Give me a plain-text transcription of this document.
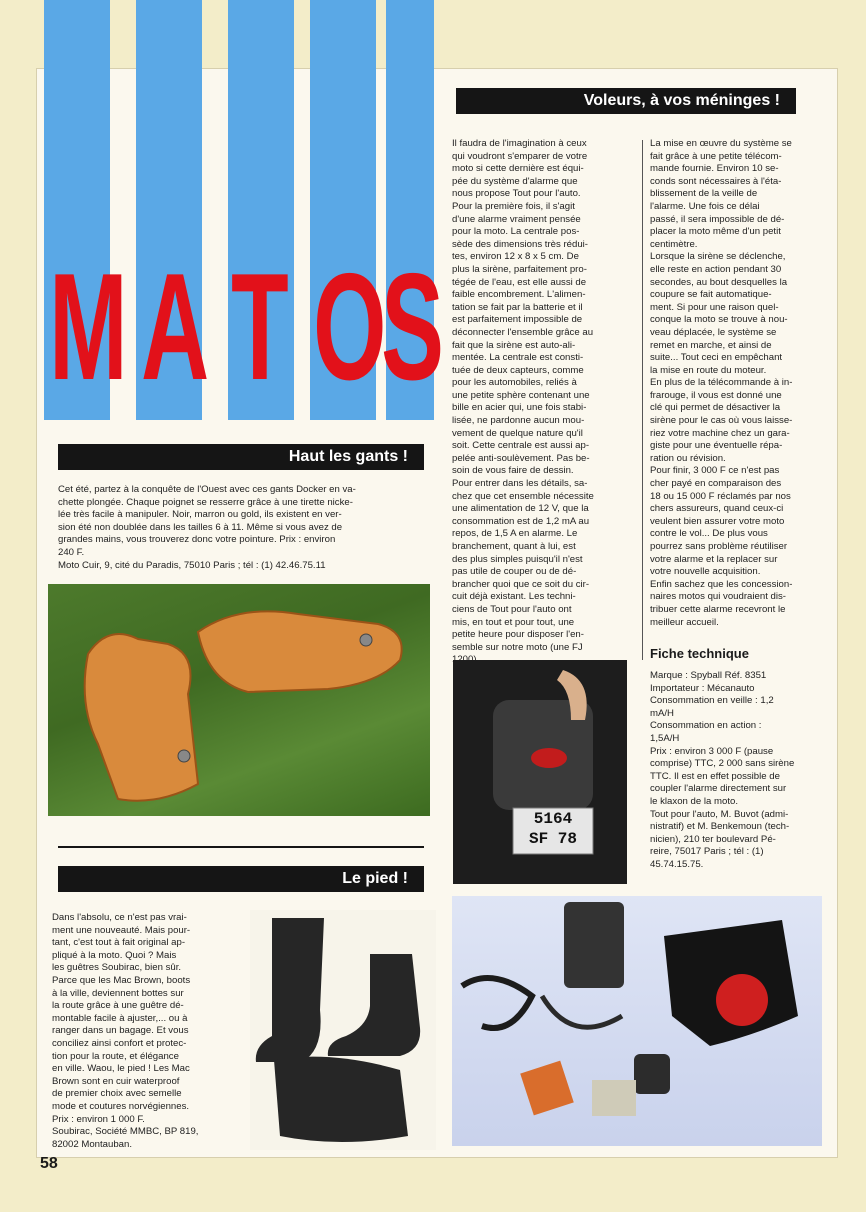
M A T O
S
Voleurs, à vos méninges !
Il faudra de l'imagination à ceux
qui voudront s'emparer de votre
moto si cette dernière est équi-
pée du système d'alarme que
nous propose Tout pour l'auto.
Pour la première fois, il s'agit
d'une alarme vraiment pensée
pour la moto. La centrale pos-
sède des dimensions très rédui-
tes, environ 12 x 8 x 5 cm. De
plus la sirène, parfaitement pro-
tégée de l'eau, est elle aussi de
faible encombrement. L'alimen-
tation se fait par la batterie et il
est parfaitement impossible de
déconnecter l'ensemble grâce au
fait que la sirène est auto-ali-
mentée. La centrale est consti-
tuée de deux capteurs, comme
pour les automobiles, reliés à
une petite sphère contenant une
bille en acier qui, une fois stabi-
lisée, ne pardonne aucun mou-
vement de quelque nature qu'il
soit. Cette centrale est aussi ap-
pelée anti-soulèvement. Pas be-
soin de vous faire de dessin.
Pour entrer dans les détails, sa-
chez que cet ensemble nécessite
une alimentation de 12 V, que la
consommation est de 1,2 mA au
repos, de 1,5 A en alarme. Le
branchement, quant à lui, est
des plus simples puisqu'il n'est
pas utile de couper ou de dé-
brancher quoi que ce soit du cir-
cuit déjà existant. Les techni-
ciens de Tout pour l'auto ont
mis, en tout et pour tout, une
petite heure pour disposer l'en-
semble sur notre moto (une FJ

La mise en œuvre du système se
fait grâce à une petite télécom-
mande fournie. Environ 10 se-
conds sont nécessaires à l'éta-
blissement de la veille de
l'alarme. Une fois ce délai
passé, il sera impossible de dé-
placer la moto même d'un petit
centimètre.
Lorsque la sirène se déclenche,
elle reste en action pendant 30
secondes, au bout desquelles la
coupure se fait automatique-
ment. Si pour une raison quel-
conque la moto se trouve à nou-
veau déplacée, le système se
remet en marche, et ainsi de
suite... Tout ceci en empêchant
la mise en route du moteur.
En plus de la télécommande à in-
frarouge, il vous est donné une
clé qui permet de désactiver la
sirène pour le cas où vous laisse-
riez votre machine chez un gara-
giste pour une éventuelle répa-
ration ou révision.
Pour finir, 3 000 F ce n'est pas
cher payé en comparaison des
18 ou 15 000 F réclamés par nos
chers assureurs, quand ceux-ci
veulent bien assurer votre moto
contre le vol... De plus vous
pourrez sans problème réutiliser
votre alarme et la replacer sur
votre nouvelle acquisition.
Enfin sachez que les concession-
naires motos qui voudraient dis-
tribuer cette alarme recevront le
meilleur accueil.
Fiche technique
Marque : Spyball Réf. 8351
Importateur : Mécanauto
Consommation en veille : 1,2
mA/H
Consommation en action :
1,5A/H
Prix : environ 3 000 F (pause
comprise) TTC, 2 000 sans sirène
TTC. Il est en effet possible de
coupler l'alarme directement sur
le klaxon de la moto.
Tout pour l'auto, M. Buvot (admi-
nistratif) et M. Benkemoun (tech-
nicien), 210 ter boulevard Pé-
reire, 75017 Paris ; tél : (1)
45.74.15.75.
Haut les gants !
Cet été, partez à la conquête de l'Ouest avec ces gants Docker en va-
chette plongée. Chaque poignet se resserre grâce à une tirette nicke-
lée très facile à manipuler. Noir, marron ou gold, ils existent en ver-
sion été non doublée dans les tailles 6 à 11. Même si vous avez de
grandes mains, vous trouverez donc votre pointure. Prix : environ
240 F.
Moto Cuir, 9, cité du Paradis, 75010 Paris ; tél : (1) 42.46.75.11
5164
SF 78
Le pied !
Dans l'absolu, ce n'est pas vrai-
ment une nouveauté. Mais pour-
tant, c'est tout à fait original ap-
pliqué à la moto. Quoi ? Mais
les guêtres Soubirac, bien sûr.
Parce que les Mac Brown, boots
à la ville, deviennent bottes sur
la route grâce à une guêtre dé-
montable facile à ajuster,... ou à
ranger dans un bagage. Et vous
conciliez ainsi confort et protec-
tion pour la route, et élégance
en ville. Waou, le pied ! Les Mac
Brown sont en cuir waterproof
de premier choix avec semelle
mode et coutures norvégiennes.
Prix : environ 1 000 F.
Soubirac, Société MMBC, BP 819,
82002 Montauban.
58
